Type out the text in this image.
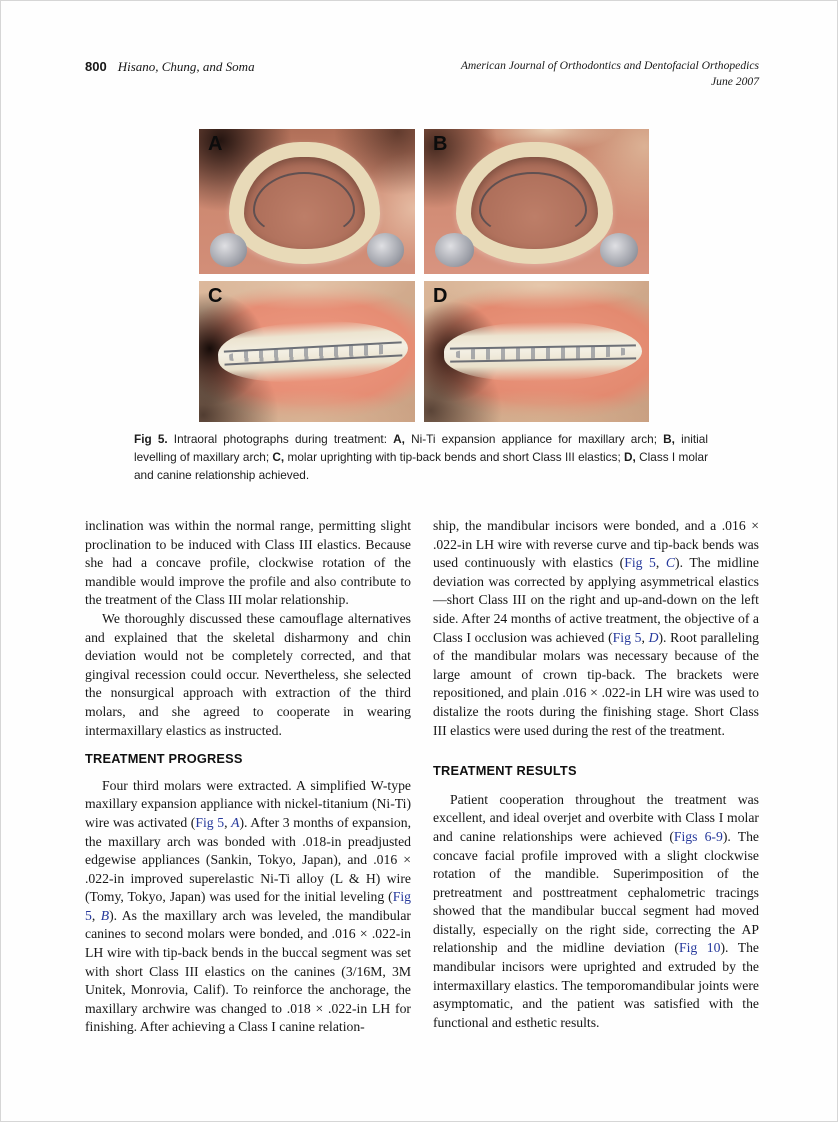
800 Hisano, Chung, and Soma	American Journal of Orthodontics and Dentofacial Orthopedics
June 2007
A	B
C	D
Fig 5. Intraoral photographs during treatment: A, Ni-Ti expansion appliance for maxillary arch; B, initial levelling of maxillary arch; C, molar uprighting with tip-back bends and short Class III elastics; D, Class I molar and canine relationship achieved.

inclination was within the normal range, permitting slight proclination to be induced with Class III elastics. Because she had a concave profile, clockwise rotation of the mandible would improve the profile and also contribute to the treatment of the Class III molar relationship.

We thoroughly discussed these camouflage alternatives and explained that the skeletal disharmony and chin deviation would not be completely corrected, and that gingival recession could occur. Nevertheless, she selected the nonsurgical approach with extraction of the third molars, and she agreed to cooperate in wearing intermaxillary elastics as instructed.

TREATMENT PROGRESS

Four third molars were extracted. A simplified W-type maxillary expansion appliance with nickel-titanium (Ni-Ti) wire was activated (Fig 5, A). After 3 months of expansion, the maxillary arch was bonded with .018-in preadjusted edgewise appliances (Sankin, Tokyo, Japan), and .016 × .022-in improved superelastic Ni-Ti alloy (L & H) wire (Tomy, Tokyo, Japan) was used for the initial leveling (Fig 5, B). As the maxillary arch was leveled, the mandibular canines to second molars were bonded, and .016 × .022-in LH wire with tip-back bends in the buccal segment was set with short Class III elastics on the canines (3/16M, 3M Unitek, Monrovia, Calif). To reinforce the anchorage, the maxillary archwire was changed to .018 × .022-in LH for finishing. After achieving a Class I canine relation-

ship, the mandibular incisors were bonded, and a .016 × .022-in LH wire with reverse curve and tip-back bends was used continuously with elastics (Fig 5, C). The midline deviation was corrected by applying asymmetrical elastics—short Class III on the right and up-and-down on the left side. After 24 months of active treatment, the objective of a Class I occlusion was achieved (Fig 5, D). Root paralleling of the mandibular molars was necessary because of the large amount of crown tip-back. The brackets were repositioned, and plain .016 × .022-in LH wire was used to distalize the roots during the finishing stage. Short Class III elastics were used during the rest of the treatment.

TREATMENT RESULTS

Patient cooperation throughout the treatment was excellent, and ideal overjet and overbite with Class I molar and canine relationships were achieved (Figs 6-9). The concave facial profile improved with a slight clockwise rotation of the mandible. Superimposition of the pretreatment and posttreatment cephalometric tracings showed that the mandibular buccal segment had moved distally, especially on the right side, correcting the AP relationship and the midline deviation (Fig 10). The mandibular incisors were uprighted and extruded by the intermaxillary elastics. The temporomandibular joints were asymptomatic, and the patient was satisfied with the functional and esthetic results.
